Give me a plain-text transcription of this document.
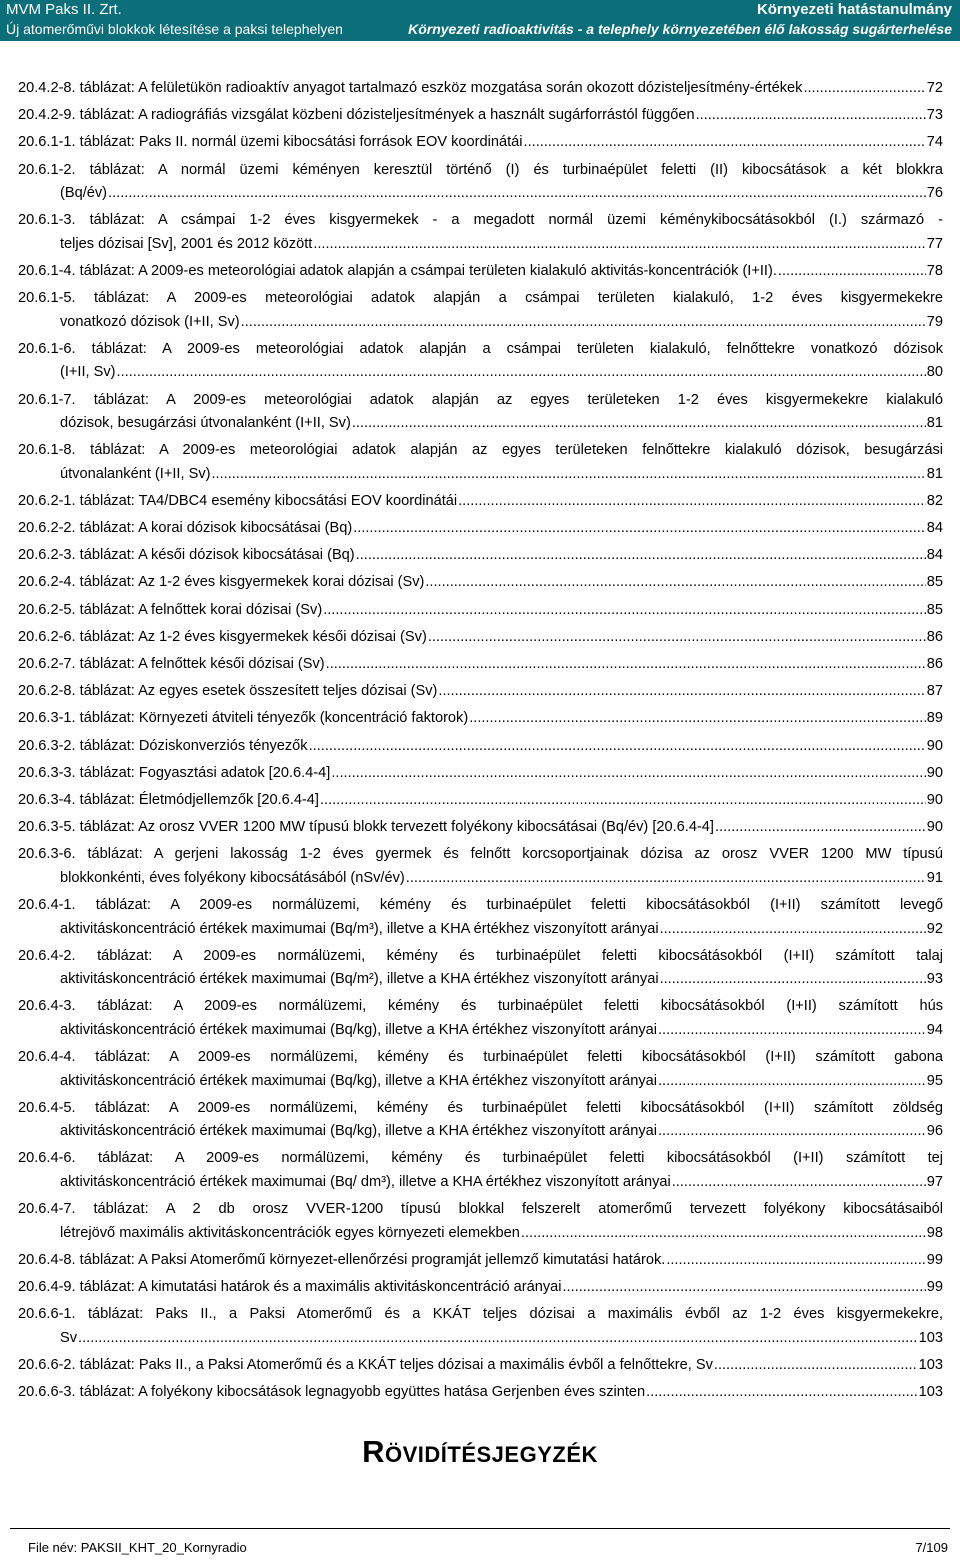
MVM Paks II. Zrt.
Új atomerőművi blokkok létesítése a paksi telephelyen
Környezeti hatástanulmány
Környezeti radioaktivitás - a telephely környezetében élő lakosság sugárterhelése
20.4.2-8. táblázat: A felületükön radioaktív anyagot tartalmazó eszköz mozgatása során okozott dózisteljesítmény-értékek .....	72
20.4.2-9. táblázat: A radiográfiás vizsgálat közbeni dózisteljesítmények a használt sugárforrástól függően .....	73
20.6.1-1. táblázat: Paks II. normál üzemi kibocsátási források EOV koordinátái .....	74
20.6.1-2. táblázat: A normál üzemi kéményen keresztül történő (I) és turbinaépület feletti (II) kibocsátások a két blokkra
(Bq/év) .....	76
20.6.1-3. táblázat: A csámpai 1-2 éves kisgyermekek - a megadott normál üzemi kéménykibocsátásokból (I.) származó -
teljes dózisai [Sv], 2001 és 2012 között .....	77
20.6.1-4. táblázat: A 2009-es meteorológiai adatok alapján a csámpai területen kialakuló aktivitás-koncentrációk (I+II). .....	78
20.6.1-5. táblázat: A 2009-es meteorológiai adatok alapján a csámpai területen kialakuló, 1-2 éves kisgyermekekre
vonatkozó dózisok (I+II, Sv) .....	79
20.6.1-6. táblázat: A 2009-es meteorológiai adatok alapján a csámpai területen kialakuló, felnőttekre vonatkozó dózisok
(I+II, Sv) .....	80
20.6.1-7. táblázat: A 2009-es meteorológiai adatok alapján az egyes területeken 1-2 éves kisgyermekekre kialakuló
dózisok, besugárzási útvonalanként (I+II, Sv) .....	81
20.6.1-8. táblázat: A 2009-es meteorológiai adatok alapján az egyes területeken felnőttekre kialakuló dózisok, besugárzási
útvonalanként (I+II, Sv) .....	81
20.6.2-1. táblázat: TA4/DBC4 esemény kibocsátási EOV koordinátái .....	82
20.6.2-2. táblázat: A korai dózisok kibocsátásai (Bq) .....	84
20.6.2-3. táblázat: A késői dózisok kibocsátásai (Bq) .....	84
20.6.2-4. táblázat: Az 1-2 éves kisgyermekek korai dózisai (Sv) .....	85
20.6.2-5. táblázat: A felnőttek korai dózisai (Sv) .....	85
20.6.2-6. táblázat: Az 1-2 éves kisgyermekek késői dózisai (Sv) .....	86
20.6.2-7. táblázat: A felnőttek késői dózisai (Sv) .....	86
20.6.2-8. táblázat: Az egyes esetek összesített teljes dózisai (Sv) .....	87
20.6.3-1. táblázat: Környezeti átviteli tényezők (koncentráció faktorok) .....	89
20.6.3-2. táblázat: Dóziskonverziós tényezők .....	90
20.6.3-3. táblázat: Fogyasztási adatok [20.6.4-4] .....	90
20.6.3-4. táblázat: Életmódjellemzők [20.6.4-4] .....	90
20.6.3-5. táblázat: Az orosz VVER 1200 MW típusú blokk tervezett folyékony kibocsátásai (Bq/év) [20.6.4-4] .....	90
20.6.3-6. táblázat: A gerjeni lakosság 1-2 éves gyermek és felnőtt korcsoportjainak dózisa az orosz VVER 1200 MW típusú
blokkonkénti, éves folyékony kibocsátásából (nSv/év) .....	91
20.6.4-1. táblázat: A 2009-es normálüzemi, kémény és turbinaépület feletti kibocsátásokból (I+II) számított levegő
aktivitáskoncentráció értékek maximumai (Bq/m³), illetve a KHA értékhez viszonyított arányai .....	92
20.6.4-2. táblázat: A 2009-es normálüzemi, kémény és turbinaépület feletti kibocsátásokból (I+II) számított talaj
aktivitáskoncentráció értékek maximumai (Bq/m²), illetve a KHA értékhez viszonyított arányai .....	93
20.6.4-3. táblázat: A 2009-es normálüzemi, kémény és turbinaépület feletti kibocsátásokból (I+II) számított hús
aktivitáskoncentráció értékek maximumai (Bq/kg), illetve a KHA értékhez viszonyított arányai .....	94
20.6.4-4. táblázat: A 2009-es normálüzemi, kémény és turbinaépület feletti kibocsátásokból (I+II) számított gabona
aktivitáskoncentráció értékek maximumai (Bq/kg), illetve a KHA értékhez viszonyított arányai .....	95
20.6.4-5. táblázat: A 2009-es normálüzemi, kémény és turbinaépület feletti kibocsátásokból (I+II) számított zöldség
aktivitáskoncentráció értékek maximumai (Bq/kg), illetve a KHA értékhez viszonyított arányai .....	96
20.6.4-6. táblázat: A 2009-es normálüzemi, kémény és turbinaépület feletti kibocsátásokból (I+II) számított tej
aktivitáskoncentráció értékek maximumai (Bq/ dm³), illetve a KHA értékhez viszonyított arányai .....	97
20.6.4-7. táblázat: A 2 db orosz VVER-1200 típusú blokkal felszerelt atomerőmű tervezett folyékony kibocsátásaiból
létrejövő maximális aktivitáskoncentrációk egyes környezeti elemekben .....	98
20.6.4-8. táblázat: A Paksi Atomerőmű környezet-ellenőrzési programját jellemző kimutatási határok. .....	99
20.6.4-9. táblázat: A kimutatási határok és a maximális aktivitáskoncentráció arányai .....	99
20.6.6-1. táblázat: Paks II., a Paksi Atomerőmű és a KKÁT teljes dózisai a maximális évből az 1-2 éves kisgyermekekre,
Sv .....	103
20.6.6-2. táblázat: Paks II., a Paksi Atomerőmű és a KKÁT teljes dózisai a maximális évből a felnőttekre, Sv .....	103
20.6.6-3. táblázat: A folyékony kibocsátások legnagyobb együttes hatása Gerjenben éves szinten .....	103
RÖVIDÍTÉSJEGYZÉK
File név: PAKSII_KHT_20_Kornyradio	7/109
